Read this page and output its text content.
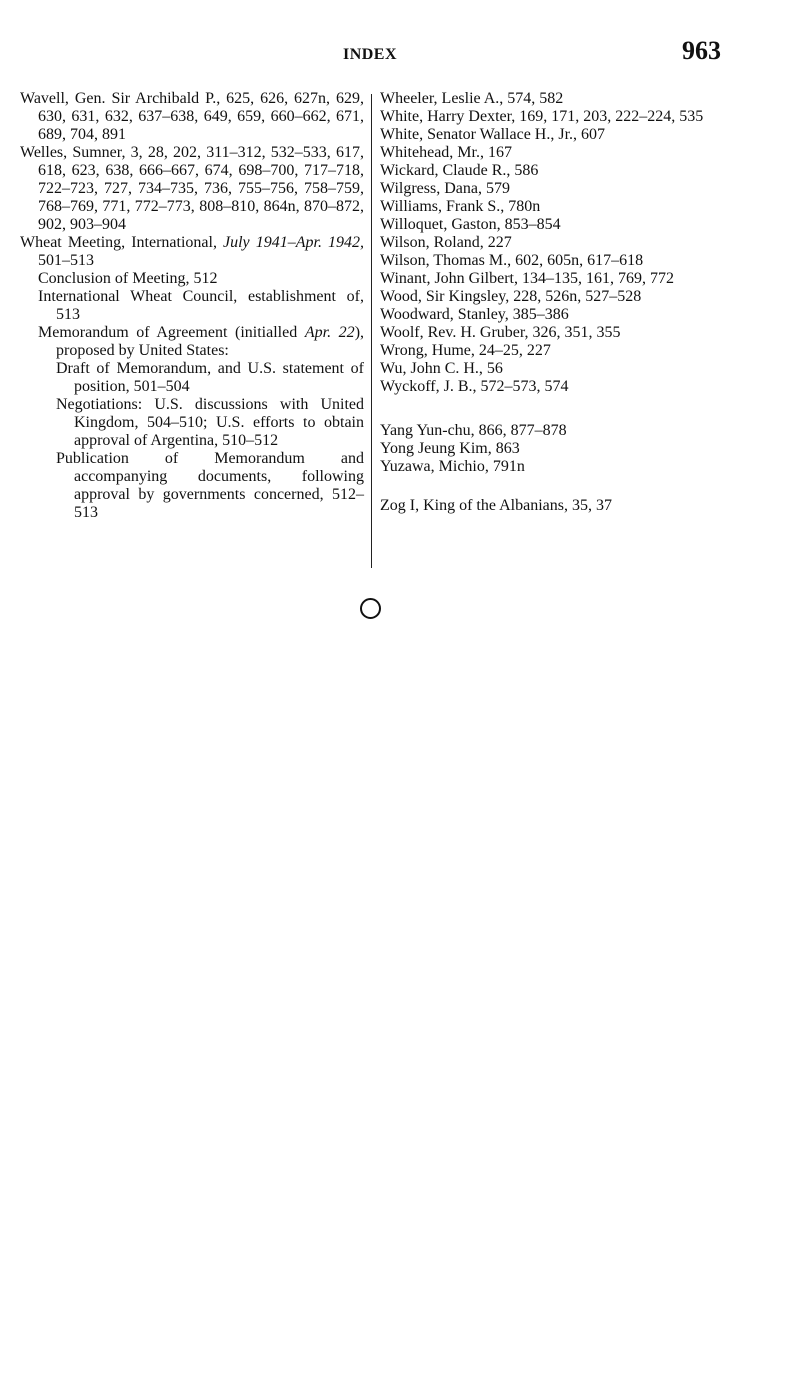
INDEX	963

Wavell, Gen. Sir Archibald P., 625, 626, 627n, 629, 630, 631, 632, 637–638, 649, 659, 660–662, 671, 689, 704, 891

Welles, Sumner, 3, 28, 202, 311–312, 532–533, 617, 618, 623, 638, 666–667, 674, 698–700, 717–718, 722–723, 727, 734–735, 736, 755–756, 758–759, 768–769, 771, 772–773, 808–810, 864n, 870–872, 902, 903–904

Wheat Meeting, International, July 1941–Apr. 1942, 501–513

Conclusion of Meeting, 512

International Wheat Council, establishment of, 513

Memorandum of Agreement (initialled Apr. 22), proposed by United States:

Draft of Memorandum, and U.S. statement of position, 501–504

Negotiations: U.S. discussions with United Kingdom, 504–510; U.S. efforts to obtain approval of Argentina, 510–512

Publication of Memorandum and accompanying documents, following approval by governments concerned, 512–513

Wheeler, Leslie A., 574, 582

White, Harry Dexter, 169, 171, 203, 222–224, 535

White, Senator Wallace H., Jr., 607

Whitehead, Mr., 167

Wickard, Claude R., 586

Wilgress, Dana, 579

Williams, Frank S., 780n

Willoquet, Gaston, 853–854

Wilson, Roland, 227

Wilson, Thomas M., 602, 605n, 617–618

Winant, John Gilbert, 134–135, 161, 769, 772

Wood, Sir Kingsley, 228, 526n, 527–528

Woodward, Stanley, 385–386

Woolf, Rev. H. Gruber, 326, 351, 355

Wrong, Hume, 24–25, 227

Wu, John C. H., 56

Wyckoff, J. B., 572–573, 574

Yang Yun-chu, 866, 877–878

Yong Jeung Kim, 863

Yuzawa, Michio, 791n

Zog I, King of the Albanians, 35, 37
